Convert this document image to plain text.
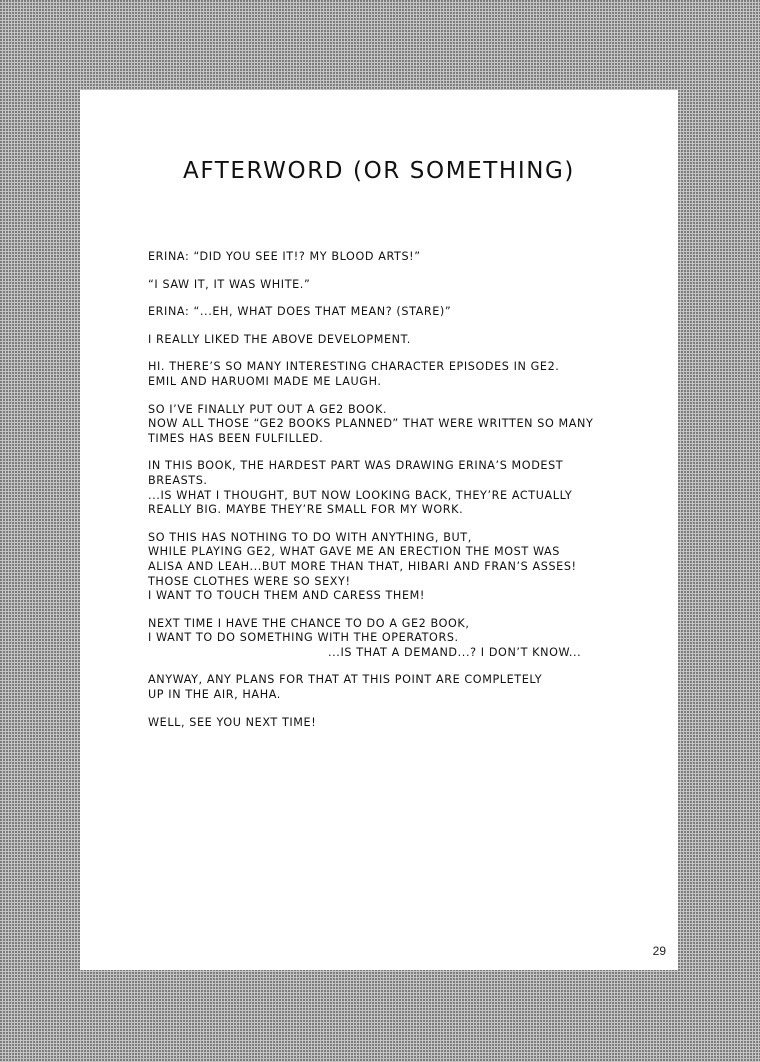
AFTERWORD (OR SOMETHING)
ERINA: “DID YOU SEE IT!? MY BLOOD ARTS!”
“I SAW IT, IT WAS WHITE.”
ERINA: “...EH, WHAT DOES THAT MEAN? (STARE)”
I REALLY LIKED THE ABOVE DEVELOPMENT.
HI. THERE’S SO MANY INTERESTING CHARACTER EPISODES IN GE2.
EMIL AND HARUOMI MADE ME LAUGH.
SO I’VE FINALLY PUT OUT A GE2 BOOK.
NOW ALL THOSE “GE2 BOOKS PLANNED” THAT WERE WRITTEN SO MANY
TIMES HAS BEEN FULFILLED.
IN THIS BOOK, THE HARDEST PART WAS DRAWING ERINA’S MODEST
BREASTS.
...IS WHAT I THOUGHT, BUT NOW LOOKING BACK, THEY’RE ACTUALLY
REALLY BIG. MAYBE THEY’RE SMALL FOR MY WORK.
SO THIS HAS NOTHING TO DO WITH ANYTHING, BUT,
WHILE PLAYING GE2, WHAT GAVE ME AN ERECTION THE MOST WAS
ALISA AND LEAH...BUT MORE THAN THAT, HIBARI AND FRAN’S ASSES!
THOSE CLOTHES WERE SO SEXY!
I WANT TO TOUCH THEM AND CARESS THEM!
NEXT TIME I HAVE THE CHANCE TO DO A GE2 BOOK,
I WANT TO DO SOMETHING WITH THE OPERATORS.
...IS THAT A DEMAND...? I DON’T KNOW...
ANYWAY, ANY PLANS FOR THAT AT THIS POINT ARE COMPLETELY
UP IN THE AIR, HAHA.
WELL, SEE YOU NEXT TIME!
29
